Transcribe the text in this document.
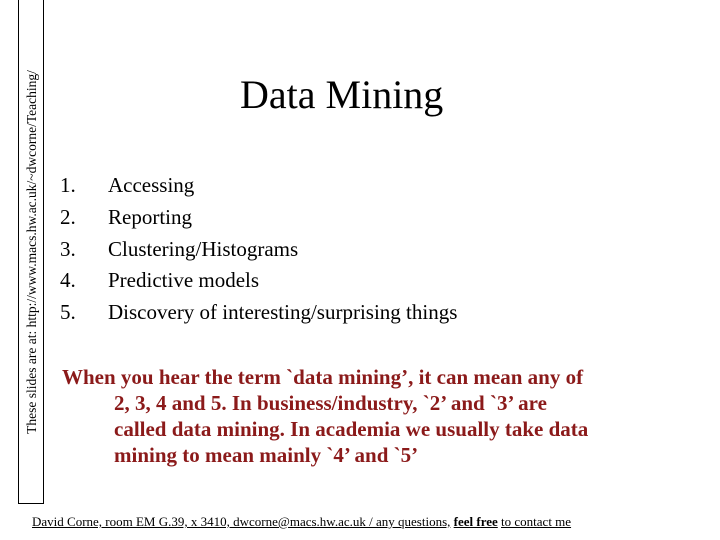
These slides are at: http://www.macs.hw.ac.uk/~dwcorne/Teaching/	Data Mining
1.	Accessing
2.	Reporting
3.	Clustering/Histograms
4.	Predictive models
5.	Discovery of interesting/surprising things
When you hear the term `data mining’, it can mean any of
2, 3, 4 and 5. In business/industry, `2’ and `3’ are
called data mining. In academia we usually take data
mining to mean mainly `4’ and `5’
David Corne, room EM G.39, x 3410, dwcorne@macs.hw.ac.uk / any questions, feel free to contact me
